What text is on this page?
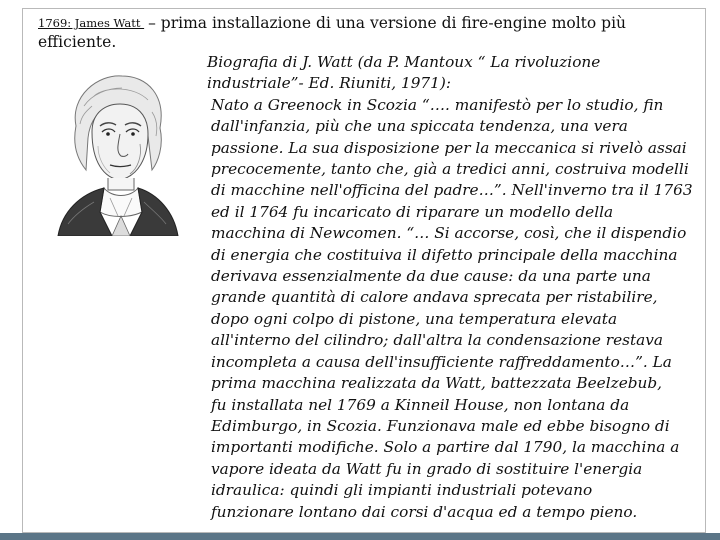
1769: James Watt – prima installazione di una versione di fire-engine molto più
efficiente.

Biografia di J. Watt (da P. Mantoux “ La rivoluzione
industriale”- Ed. Riuniti, 1971):

Nato a Greenock in Scozia “…. manifestò per lo studio, fin
dall'infanzia, più che una spiccata tendenza, una vera
passione. La sua disposizione per la meccanica si rivelò assai
precocemente, tanto che, già a tredici anni, costruiva modelli
di macchine nell'officina del padre…”. Nell'inverno tra il 1763
ed il 1764 fu incaricato di riparare un modello della
macchina di Newcomen. “… Si accorse, così, che il dispendio
di energia che costituiva il difetto principale della macchina
derivava essenzialmente da due cause: da una parte una
grande quantità di calore andava sprecata per ristabilire,
dopo ogni colpo di pistone, una temperatura elevata
all'interno del cilindro; dall'altra la condensazione restava
incompleta a causa dell'insufficiente raffreddamento…”. La
prima macchina realizzata da Watt, battezzata Beelzebub,
fu installata nel 1769 a Kinneil House, non lontana da
Edimburgo, in Scozia. Funzionava male ed ebbe bisogno di
importanti modifiche. Solo a partire dal 1790, la macchina a
vapore ideata da Watt fu in grado di sostituire l'energia
idraulica: quindi gli impianti industriali potevano
funzionare lontano dai corsi d'acqua ed a tempo pieno.
